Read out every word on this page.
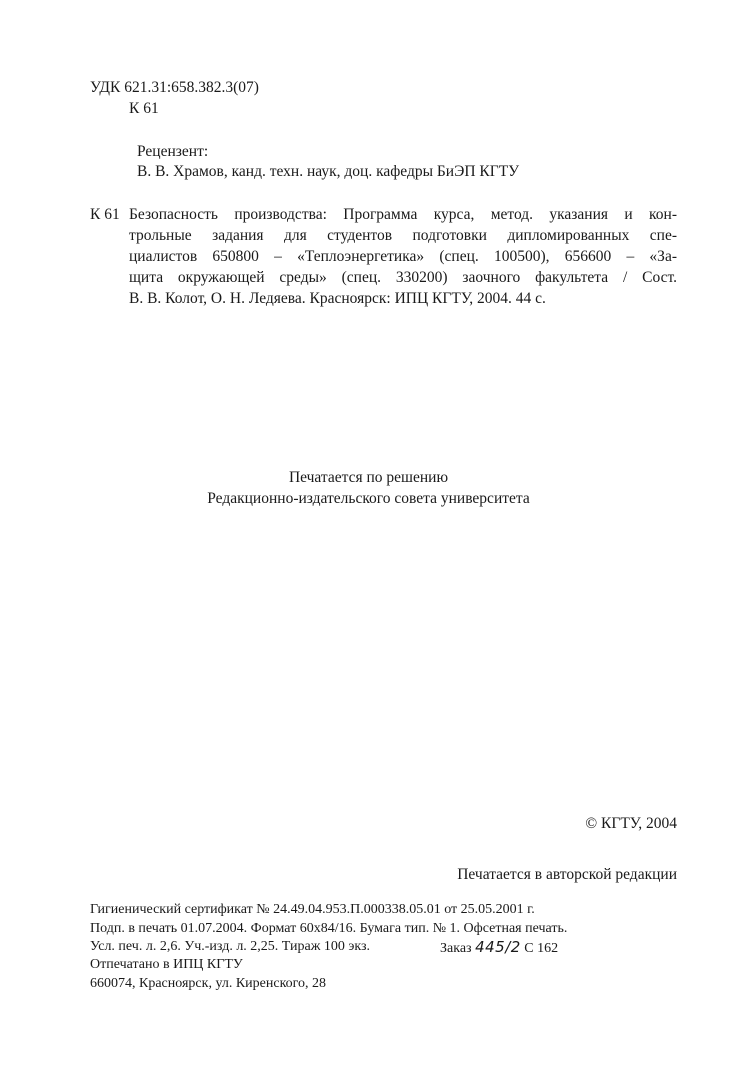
УДК 621.31:658.382.3(07)
К 61
Рецензент:
В. В. Храмов, канд. техн. наук, доц. кафедры БиЭП КГТУ
К 61 Безопасность производства: Программа курса, метод. указания и кон-
трольные задания для студентов подготовки дипломированных спе-
циалистов 650800 – «Теплоэнергетика» (спец. 100500), 656600 – «За-
щита окружающей среды» (спец. 330200) заочного факультета / Сост.
В. В. Колот, О. Н. Ледяева. Красноярск: ИПЦ КГТУ, 2004. 44 с.
Печатается по решению
Редакционно-издательского совета университета
© КГТУ, 2004
Печатается в авторской редакции
Гигиенический сертификат № 24.49.04.953.П.000338.05.01 от 25.05.2001 г.
Подп. в печать 01.07.2004. Формат 60x84/16. Бумага тип. № 1. Офсетная печать.
Усл. печ. л. 2,6. Уч.-изд. л. 2,25. Тираж 100 экз.	Заказ 445/2 С 162
Отпечатано в ИПЦ КГТУ
660074, Красноярск, ул. Киренского, 28
